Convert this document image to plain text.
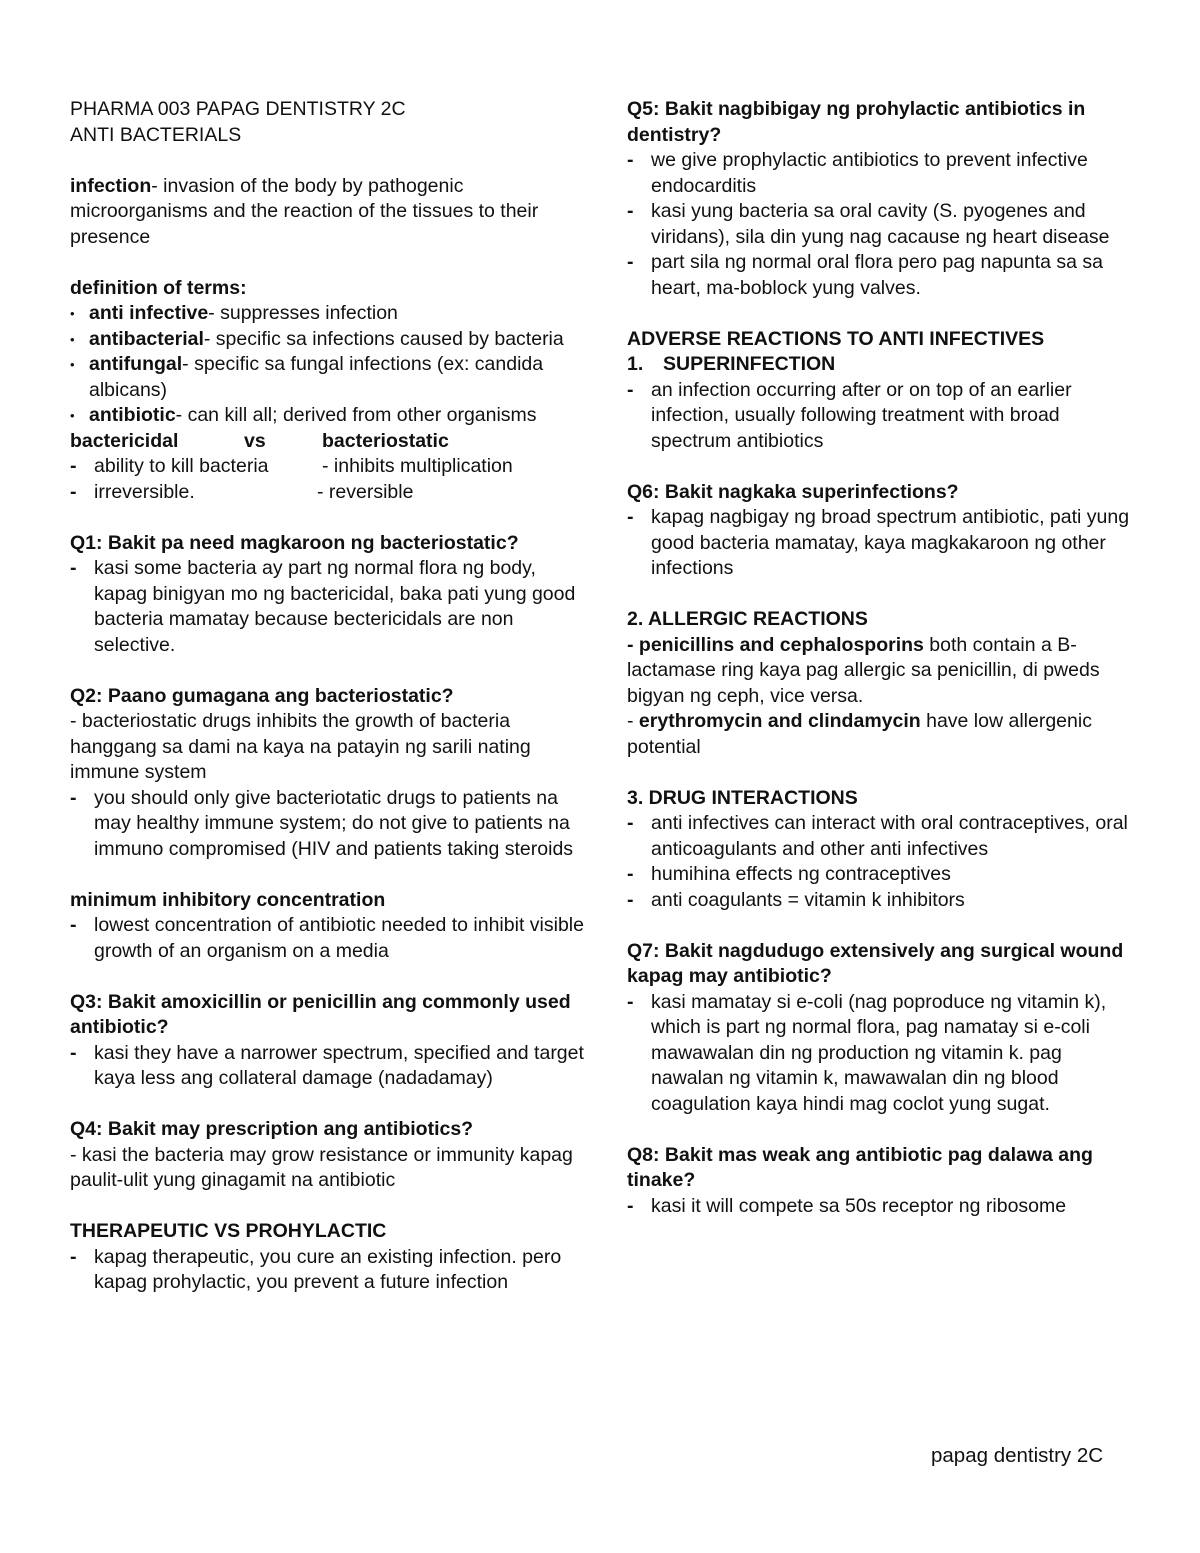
PHARMA 003 PAPAG DENTISTRY 2C
ANTI BACTERIALS
infection- invasion of the body by pathogenic microorganisms and the reaction of the tissues to their presence
definition of terms:
• anti infective- suppresses infection
• antibacterial- specific sa infections caused by bacteria
• antifungal- specific sa fungal infections (ex: candida albicans)
• antibiotic- can kill all; derived from other organisms
bactericidal	vs	bacteriostatic
- ability to kill bacteria	- inhibits multiplication
- irreversible.	- reversible
Q1: Bakit pa need magkaroon ng bacteriostatic?
- kasi some bacteria ay part ng normal flora ng body, kapag binigyan mo ng bactericidal, baka pati yung good bacteria mamatay because bectericidals are non selective.
Q2: Paano gumagana ang bacteriostatic?
- bacteriostatic drugs inhibits the growth of bacteria hanggang sa dami na kaya na patayin ng sarili nating immune system
- you should only give bacteriotatic drugs to patients na may healthy immune system; do not give to patients na immuno compromised (HIV and patients taking steroids
minimum inhibitory concentration
- lowest concentration of antibiotic needed to inhibit visible growth of an organism on a media
Q3: Bakit amoxicillin or penicillin ang commonly used antibiotic?
- kasi they have a narrower spectrum, specified and target kaya less ang collateral damage (nadadamay)
Q4: Bakit may prescription ang antibiotics?
- kasi the bacteria may grow resistance or immunity kapag paulit-ulit yung ginagamit na antibiotic
THERAPEUTIC VS PROHYLACTIC
- kapag therapeutic, you cure an existing infection. pero kapag prohylactic, you prevent a future infection
Q5: Bakit nagbibigay ng prohylactic antibiotics in dentistry?
- we give prophylactic antibiotics to prevent infective endocarditis
- kasi yung bacteria sa oral cavity (S. pyogenes and viridans), sila din yung nag cacause ng heart disease
- part sila ng normal oral flora pero pag napunta sa sa heart, ma-boblock yung valves.
ADVERSE REACTIONS TO ANTI INFECTIVES
1. SUPERINFECTION
- an infection occurring after or on top of an earlier infection, usually following treatment with broad spectrum antibiotics
Q6: Bakit nagkaka superinfections?
- kapag nagbigay ng broad spectrum antibiotic, pati yung good bacteria mamatay, kaya magkakaroon ng other infections
2. ALLERGIC REACTIONS
- penicillins and cephalosporins both contain a B-lactamase ring kaya pag allergic sa penicillin, di pweds bigyan ng ceph, vice versa.
- erythromycin and clindamycin have low allergenic potential
3. DRUG INTERACTIONS
- anti infectives can interact with oral contraceptives, oral anticoagulants and other anti infectives
- humihina effects ng contraceptives
- anti coagulants = vitamin k inhibitors
Q7: Bakit nagdudugo extensively ang surgical wound kapag may antibiotic?
- kasi mamatay si e-coli (nag poproduce ng vitamin k), which is part ng normal flora, pag namatay si e-coli mawawalan din ng production ng vitamin k. pag nawalan ng vitamin k, mawawalan din ng blood coagulation kaya hindi mag coclot yung sugat.
Q8: Bakit mas weak ang antibiotic pag dalawa ang tinake?
- kasi it will compete sa 50s receptor ng ribosome
papag dentistry 2C
